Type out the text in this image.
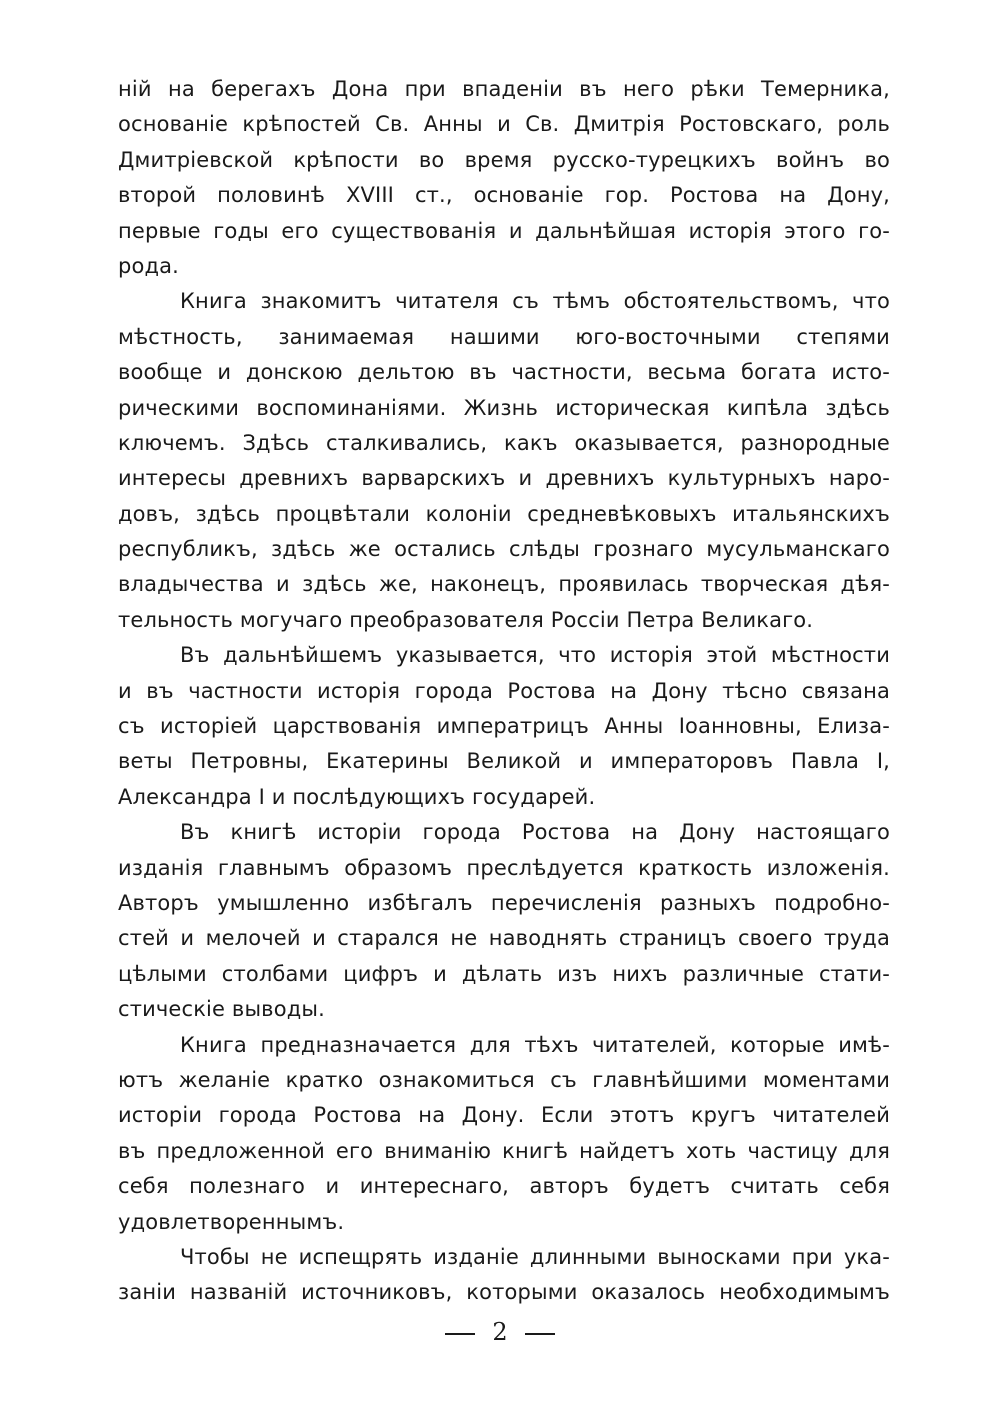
ній на берегахъ Дона при впаденіи въ него рѣки Темерника,
основаніе крѣпостей Св. Анны и Св. Дмитрія Ростовскаго, роль
Дмитріевской крѣпости во время русско-турецкихъ войнъ во
второй половинѣ XVIII ст., основаніе гор. Ростова на Дону,
первые годы его существованія и дальнѣйшая исторія этого го-
рода.
Книга знакомитъ читателя съ тѣмъ обстоятельствомъ, что
мѣстность, занимаемая нашими юго-восточными степями
вообще и донскою дельтою въ частности, весьма богата исто-
рическими воспоминаніями. Жизнь историческая кипѣла здѣсь
ключемъ. Здѣсь сталкивались, какъ оказывается, разнородные
интересы древнихъ варварскихъ и древнихъ культурныхъ наро-
довъ, здѣсь процвѣтали колоніи средневѣковыхъ итальянскихъ
республикъ, здѣсь же остались слѣды грознаго мусульманскаго
владычества и здѣсь же, наконецъ, проявилась творческая дѣя-
тельность могучаго преобразователя Россіи Петра Великаго.
Въ дальнѣйшемъ указывается, что исторія этой мѣстности
и въ частности исторія города Ростова на Дону тѣсно связана
съ исторіей царствованія императрицъ Анны Іоанновны, Елиза-
веты Петровны, Екатерины Великой и императоровъ Павла I,
Александра I и послѣдующихъ государей.
Въ книгѣ исторіи города Ростова на Дону настоящаго
изданія главнымъ образомъ преслѣдуется краткость изложенія.
Авторъ умышленно избѣгалъ перечисленія разныхъ подробно-
стей и мелочей и старался не наводнять страницъ своего труда
цѣлыми столбами цифръ и дѣлать изъ нихъ различные стати-
стическіе выводы.
Книга предназначается для тѣхъ читателей, которые имѣ-
ютъ желаніе кратко ознакомиться съ главнѣйшими моментами
исторіи города Ростова на Дону. Если этотъ кругъ читателей
въ предложенной его вниманію книгѣ найдетъ хоть частицу для
себя полезнаго и интереснаго, авторъ будетъ считать себя
удовлетвореннымъ.
Чтобы не испещрять изданіе длинными выносками при ука-
заніи названій источниковъ, которыми оказалось необходимымъ
2
